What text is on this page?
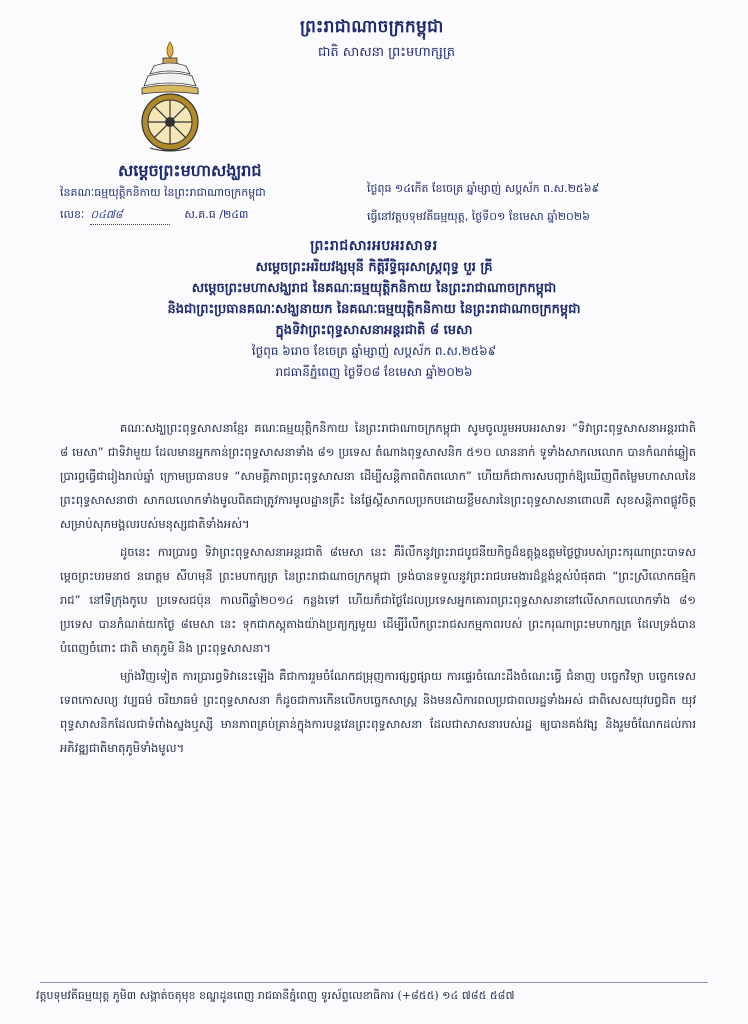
ព្រះរាជាណាចក្រកម្ពុជា
ជាតិ សាសនា ព្រះមហាក្សត្រ
សម្តេចព្រះមហាសង្ឃរាជ
នៃគណៈធម្មយុត្តិកនិកាយ នៃព្រះរាជាណាចក្រកម្ពុជា
លេខៈ ០៤៧៨	ស.គ.ធ /២៤៣
ថ្ងៃពុធ ១៤កើត ខែចេត្រ ឆ្នាំម្សាញ់ សប្តស័ក ព.ស.២៥៦៩
ធ្វើនៅវត្តបទុមវតីធម្មយុត្ត, ថ្ងៃទី០១ ខែមេសា ឆ្នាំ២០២៦
ព្រះរាជសារអបអរសាទរ
សម្តេចព្រះអរិយវង្សមុនី កិត្តិរឹទ្ធិធុរសាស្ត្រពុទ្ធ បួរ គ្រី
សម្តេចព្រះមហាសង្ឃរាជ នៃគណៈធម្មយុត្តិកនិកាយ នៃព្រះរាជាណាចក្រកម្ពុជា
និងជាព្រះប្រធានគណៈសង្ឃនាយក នៃគណៈធម្មយុត្តិកនិកាយ នៃព្រះរាជាណាចក្រកម្ពុជា
ក្នុងទិវាព្រះពុទ្ធសាសនាអន្តរជាតិ ៨ មេសា
ថ្ងៃពុធ ៦រោច ខែចេត្រ ឆ្នាំម្សាញ់ សប្តស័ក ព.ស.២៥៦៩
រាជធានីភ្នំពេញ ថ្ងៃទី០៨ ខែមេសា ឆ្នាំ២០២៦

គណៈសង្ឃព្រះពុទ្ធសាសនាខ្មែរ គណៈធម្មយុត្តិកនិកាយ នៃព្រះរាជាណាចក្រកម្ពុជា សូមចូលរួមអបអរសាទរ “ទិវាព្រះពុទ្ធសាសនាអន្តរជាតិ ៨ មេសា” ជាទិវាមួយ ដែលមានអ្នកកាន់ព្រះពុទ្ធសាសនាទាំង ៨១ ប្រទេស តំណាងពុទ្ធសាសនិក ៥១០ លាននាក់ ទូទាំងសាកលលោក បានកំណត់ឆ្លៀតប្រារព្ធធ្វើជារៀងរាល់ឆ្នាំ ក្រោមប្រធានបទ “សាមគ្គីភាពព្រះពុទ្ធសាសនា ដើម្បីសន្តិភាពពិភពលោក” ហើយក៏ជាការសបញ្ជាក់ឱ្យឃើញពីតម្លៃមហាសាលនៃព្រះពុទ្ធសាសនាថា សាកលលោកទាំងមូលពិតជាត្រូវការមូលដ្ឋានគ្រឹះ នៃផ្លែស្តីសាកលប្រកបដោយខ្លឹមសារនៃព្រះពុទ្ធសាសនាពោលគឺ សុខសន្តិភាពផ្លូវចិត្ត សម្រាប់សុភមង្គលរបស់មនុស្សជាតិទាំងអស់។

ដូចនេះ ការប្រារព្ធ ទិវាព្រះពុទ្ធសាសនាអន្តរជាតិ ៨មេសា នេះ គឺរំលឹកនូវព្រះរាជបូជនីយកិច្ចដ៏ឧត្តុង្គឧត្តមថ្លៃថ្លារបស់ព្រះករុណាព្រះបាទសម្តេចព្រះបរមនាថ នរោត្តម សីហមុនី ព្រះមហាក្សត្រ នៃព្រះរាជាណាចក្រកម្ពុជា ទ្រង់បានទទួលនូវព្រះរាជបរមងារដ៏ខ្ពង់ខ្ពស់បំផុតជា “ព្រះស្រីលោកធម្មិករាជ” នៅទីក្រុងកូបេ ប្រទេសជប៉ុន កាលពីឆ្នាំ២០១៤ កន្លងទៅ ហើយក៏ជាថ្ងៃដែលប្រទេសអ្នកគោរពព្រះពុទ្ធសាសនានៅលើសាកលលោកទាំង ៨១ ប្រទេស បានកំណត់យកថ្ងៃ ៨មេសា នេះ ទុកជាភស្តុតាងយ៉ាងប្រត្យក្សមួយ ដើម្បីរំលឹកព្រះរាជសកម្មភាពរបស់ ព្រះករុណាព្រះមហាក្សត្រ ដែលទ្រង់បានបំពេញចំពោះ ជាតិ មាតុភូមិ និង ព្រះពុទ្ធសាសនា។

ម្យ៉ាងវិញទៀត ការប្រារព្ធទិវានេះឡើង គឺជាការរួមចំណែកជម្រុញការផ្សព្វផ្សាយ ការផ្ទេរចំណេះដឹងចំណេះធ្វើ ជំនាញ បច្ចេកវិទ្យា បច្ចេកទេស ទេពកោសល្យ វប្បធម៌ ចរិយាធម៌ ព្រះពុទ្ធសាសនា ក៏ដូចជាការកើនលើកបច្ចេកសាស្ត្រ និងមនសិការពលប្រជាពលរដ្ឋទាំងអស់ ជាពិសេសយុវបព្វជិត យុវពុទ្ធសាសនិកដែលជាទំពាំងស្នងឬស្សី មានភាពគ្រប់គ្រាន់ក្នុងការបន្តវេនព្រះពុទ្ធសាសនា ដែលជាសាសនារបស់រដ្ឋ ឲ្យបានគង់វង្ស និងរួមចំណែកដល់ការអភិវឌ្ឍជាតិមាតុភូមិទាំងមូល។

វត្តបទុមវតីធម្មយុត្ត ភូមិ៣ សង្កាត់ចតុមុខ ខណ្ឌដូនពេញ រាជធានីភ្នំពេញ ទូរស័ព្ទលេខាធិការ (+៨៥៥) ១៤ ៧៨៥ ៥៨៧
